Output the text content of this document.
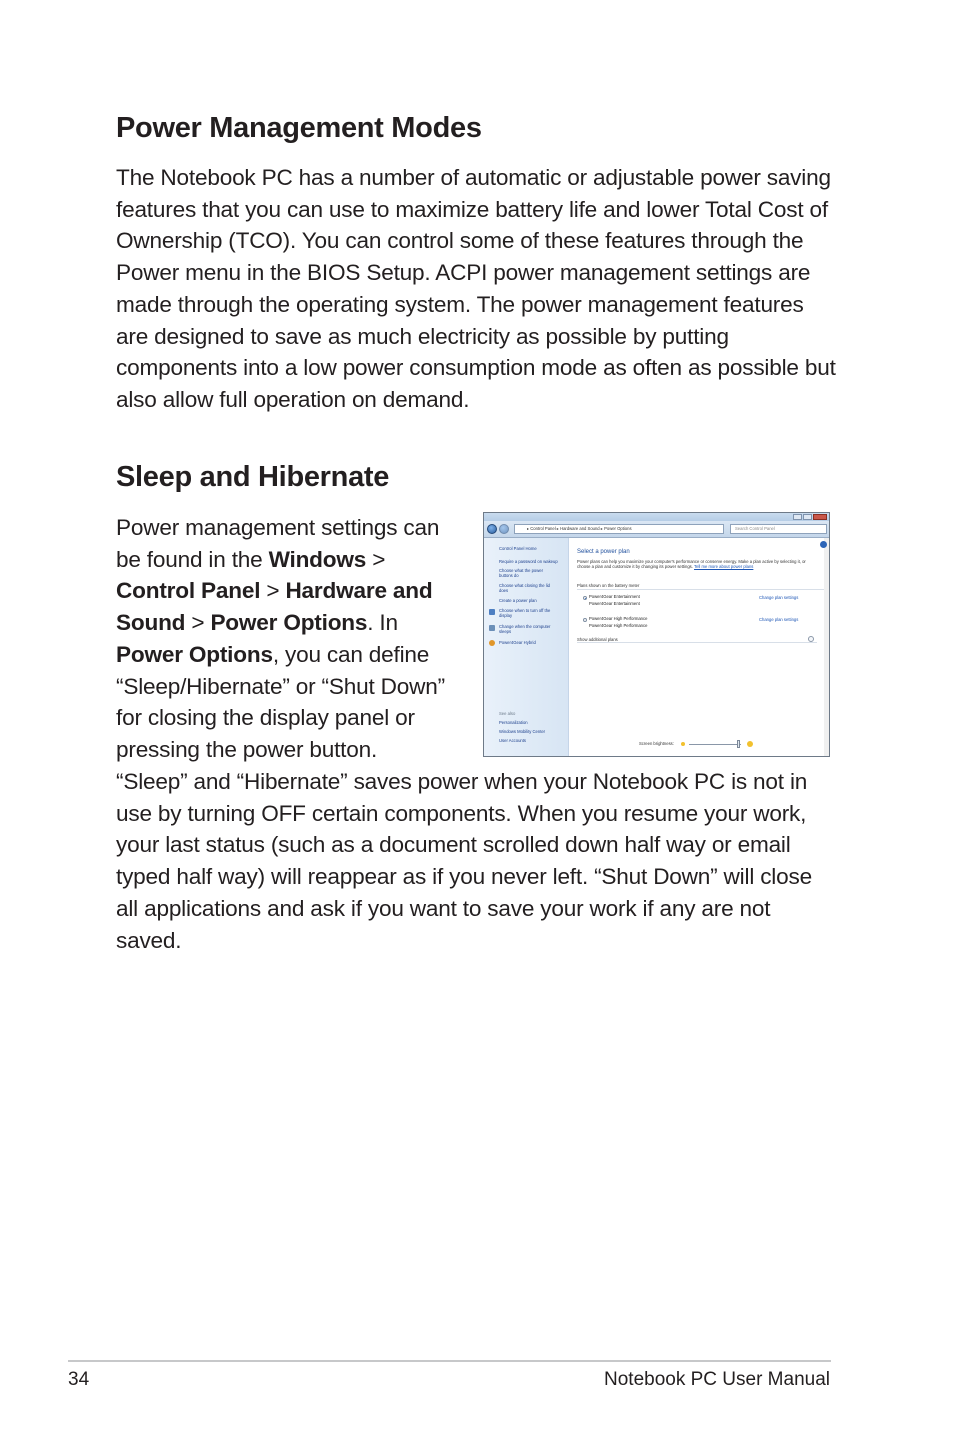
Power Management Modes

The Notebook PC has a number of automatic or adjustable power saving features that you can use to maximize battery life and lower Total Cost of Ownership (TCO). You can control some of these features through the Power menu in the BIOS Setup. ACPI power management settings are made through the operating system. The power management features are designed to save as much electricity as possible by putting components into a low power consumption mode as often as possible but also allow full operation on demand.

Sleep and Hibernate

Power management settings can be found in the Windows > Control Panel > Hardware and Sound > Power Options. In Power Options, you can define “Sleep/Hibernate” or “Shut Down” for closing the display panel or pressing the power button.

▸ Control Panel ▸ Hardware and Sound ▸ Power Options	Search Control Panel
Control Panel Home
Require a password on wakeup
Choose what the power
buttons do
Choose what closing the lid
does
Create a power plan
Choose when to turn off the
display
Change when the computer
sleeps
Power4Gear Hybrid
See also
Personalization
Windows Mobility Center
User Accounts
Select a power plan
Power plans can help you maximize your computer's performance or conserve energy. Make a plan active by selecting it, or choose a plan and customize it by changing its power settings. Tell me more about power plans
Plans shown on the battery meter
Power4Gear Entertainment
Power4Gear Entertainment
Change plan settings
Power4Gear High Performance
Power4Gear High Performance
Change plan settings
Show additional plans
Screen brightness:

“Sleep” and “Hibernate” saves power when your Notebook PC is not in use by turning OFF certain components. When you resume your work, your last status (such as a document scrolled down half way or email typed half way) will reappear as if you never left. “Shut Down” will close all applications and ask if you want to save your work if any are not saved.

34	Notebook PC User Manual
